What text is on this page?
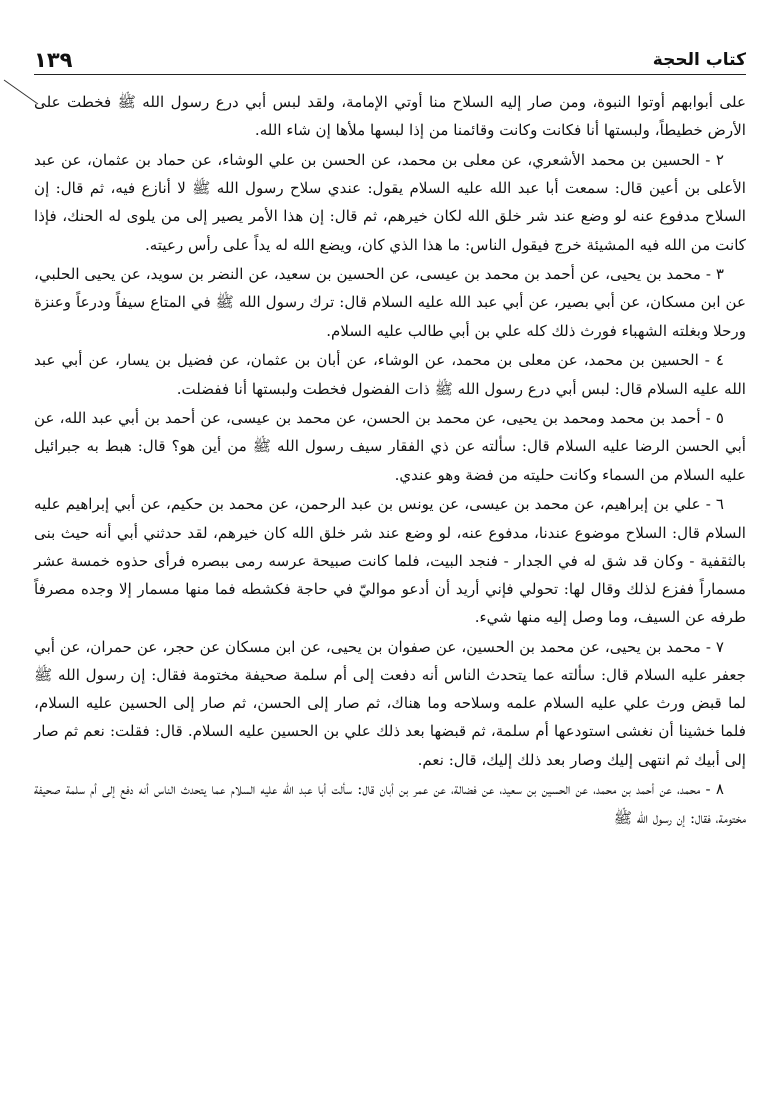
كتاب الحجة
١٣٩

على أبوابهم أوتوا النبوة، ومن صار إليه السلاح منا أوتي الإمامة، ولقد لبس أبي درع رسول الله ﷺ فخطت على الأرض خطيطاً، ولبستها أنا فكانت وكانت وقائمنا من إذا لبسها ملأها إن شاء الله.

٢ - الحسين بن محمد الأشعري، عن معلى بن محمد، عن الحسن بن علي الوشاء، عن حماد بن عثمان، عن عبد الأعلى بن أعين قال: سمعت أبا عبد الله عليه السلام يقول: عندي سلاح رسول الله ﷺ لا أنازع فيه، ثم قال: إن السلاح مدفوع عنه لو وضع عند شر خلق الله لكان خيرهم، ثم قال: إن هذا الأمر يصير إلى من يلوى له الحنك، فإذا كانت من الله فيه المشيئة خرج فيقول الناس: ما هذا الذي كان، ويضع الله له يداً على رأس رعيته.

٣ - محمد بن يحيى، عن أحمد بن محمد بن عيسى، عن الحسين بن سعيد، عن النضر بن سويد، عن يحيى الحلبي، عن ابن مسكان، عن أبي بصير، عن أبي عبد الله عليه السلام قال: ترك رسول الله ﷺ في المتاع سيفاً ودرعاً وعنزة ورحلا وبغلته الشهباء فورث ذلك كله علي بن أبي طالب عليه السلام.

٤ - الحسين بن محمد، عن معلى بن محمد، عن الوشاء، عن أبان بن عثمان، عن فضيل بن يسار، عن أبي عبد الله عليه السلام قال: لبس أبي درع رسول الله ﷺ ذات الفضول فخطت ولبستها أنا ففضلت.

٥ - أحمد بن محمد ومحمد بن يحيى، عن محمد بن الحسن، عن محمد بن عيسى، عن أحمد بن أبي عبد الله، عن أبي الحسن الرضا عليه السلام قال: سألته عن ذي الفقار سيف رسول الله ﷺ من أين هو؟ قال: هبط به جبرائيل عليه السلام من السماء وكانت حليته من فضة وهو عندي.

٦ - علي بن إبراهيم، عن محمد بن عيسى، عن يونس بن عبد الرحمن، عن محمد بن حكيم، عن أبي إبراهيم عليه السلام قال: السلاح موضوع عندنا، مدفوع عنه، لو وضع عند شر خلق الله كان خيرهم، لقد حدثني أبي أنه حيث بنى بالثقفية - وكان قد شق له في الجدار - فنجد البيت، فلما كانت صبيحة عرسه رمى ببصره فرأى حذوه خمسة عشر مسماراً ففزع لذلك وقال لها: تحولي فإني أريد أن أدعو مواليّ في حاجة فكشطه فما منها مسمار إلا وجده مصرفاً طرفه عن السيف، وما وصل إليه منها شيء.

٧ - محمد بن يحيى، عن محمد بن الحسين، عن صفوان بن يحيى، عن ابن مسكان عن حجر، عن حمران، عن أبي جعفر عليه السلام قال: سألته عما يتحدث الناس أنه دفعت إلى أم سلمة صحيفة مختومة فقال: إن رسول الله ﷺ لما قبض ورث علي عليه السلام علمه وسلاحه وما هناك، ثم صار إلى الحسن، ثم صار إلى الحسين عليه السلام، فلما خشينا أن نغشى استودعها أم سلمة، ثم قبضها بعد ذلك علي بن الحسين عليه السلام. قال: فقلت: نعم ثم صار إلى أبيك ثم انتهى إليك وصار بعد ذلك إليك، قال: نعم.

٨ - محمد، عن أحمد بن محمد، عن الحسين بن سعيد، عن فضالة، عن عمر بن أبان قال: سألت أبا عبد الله عليه السلام عما يتحدث الناس أنه دفع إلى أم سلمة صحيفة مختومة، فقال: إن رسول الله ﷺ
